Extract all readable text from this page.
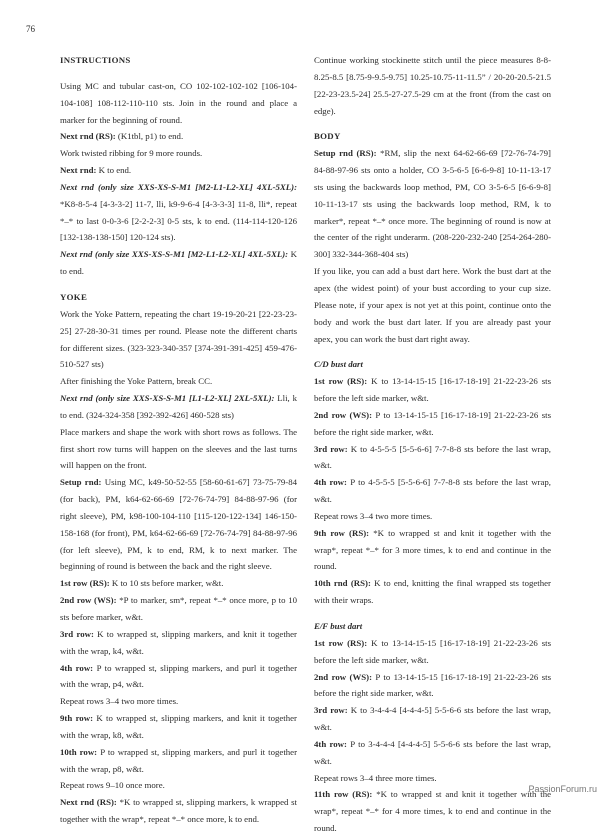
76

INSTRUCTIONS

Using MC and tubular cast-on, CO 102-102-102-102 [106-104-104-108] 108-112-110-110 sts. Join in the round and place a marker for the beginning of round.

Next rnd (RS): (K1tbl, p1) to end.

Work twisted ribbing for 9 more rounds.

Next rnd: K to end.

Next rnd (only size XXS-XS-S-M1 [M2-L1-L2-XL] 4XL-5XL): *K8-8-5-4 [4-3-3-2] 11-7, lli, k9-9-6-4 [4-3-3-3] 11-8, lli*, repeat *–* to last 0-0-3-6 [2-2-2-3] 0-5 sts, k to end. (114-114-120-126 [132-138-138-150] 120-124 sts).

Next rnd (only size XXS-XS-S-M1 [M2-L1-L2-XL] 4XL-5XL): K to end.

YOKE

Work the Yoke Pattern, repeating the chart 19-19-20-21 [22-23-23-25] 27-28-30-31 times per round. Please note the different charts for different sizes. (323-323-340-357 [374-391-391-425] 459-476-510-527 sts)

After finishing the Yoke Pattern, break CC.

Next rnd (only size XXS-XS-S-M1 [L1-L2-XL] 2XL-5XL): Lli, k to end. (324-324-358 [392-392-426] 460-528 sts)

Place markers and shape the work with short rows as follows. The first short row turns will happen on the sleeves and the last turns will happen on the front.

Setup rnd: Using MC, k49-50-52-55 [58-60-61-67] 73-75-79-84 (for back), PM, k64-62-66-69 [72-76-74-79] 84-88-97-96 (for right sleeve), PM, k98-100-104-110 [115-120-122-134] 146-150-158-168 (for front), PM, k64-62-66-69 [72-76-74-79] 84-88-97-96 (for left sleeve), PM, k to end, RM, k to next marker. The beginning of round is between the back and the right sleeve.

1st row (RS): K to 10 sts before marker, w&t.

2nd row (WS): *P to marker, sm*, repeat *–* once more, p to 10 sts before marker, w&t.

3rd row: K to wrapped st, slipping markers, and knit it together with the wrap, k4, w&t.

4th row: P to wrapped st, slipping markers, and purl it together with the wrap, p4, w&t.

Repeat rows 3–4 two more times.

9th row: K to wrapped st, slipping markers, and knit it together with the wrap, k8, w&t.

10th row: P to wrapped st, slipping markers, and purl it together with the wrap, p8, w&t.

Repeat rows 9–10 once more.

Next rnd (RS): *K to wrapped st, slipping markers, k wrapped st together with the wrap*, repeat *–* once more, k to end.

Continue working stockinette stitch until the piece measures 8-8-8.25-8.5 [8.75-9-9.5-9.75] 10.25-10.75-11-11.5” / 20-20-20.5-21.5 [22-23-23.5-24] 25.5-27-27.5-29 cm at the front (from the cast on edge).

BODY

Setup rnd (RS): *RM, slip the next 64-62-66-69 [72-76-74-79] 84-88-97-96 sts onto a holder, CO 3-5-6-5 [6-6-9-8] 10-11-13-17 sts using the backwards loop method, PM, CO 3-5-6-5 [6-6-9-8] 10-11-13-17 sts using the backwards loop method, RM, k to marker*, repeat *–* once more. The beginning of round is now at the center of the right underarm. (208-220-232-240 [254-264-280-300] 332-344-368-404 sts)

If you like, you can add a bust dart here. Work the bust dart at the apex (the widest point) of your bust according to your cup size. Please note, if your apex is not yet at this point, continue onto the body and work the bust dart later. If you are already past your apex, you can work the bust dart right away.

C/D bust dart

1st row (RS): K to 13-14-15-15 [16-17-18-19] 21-22-23-26 sts before the left side marker, w&t.

2nd row (WS): P to 13-14-15-15 [16-17-18-19] 21-22-23-26 sts before the right side marker, w&t.

3rd row: K to 4-5-5-5 [5-5-6-6] 7-7-8-8 sts before the last wrap, w&t.

4th row: P to 4-5-5-5 [5-5-6-6] 7-7-8-8 sts before the last wrap, w&t.

Repeat rows 3–4 two more times.

9th row (RS): *K to wrapped st and knit it together with the wrap*, repeat *–* for 3 more times, k to end and continue in the round.

10th rnd (RS): K to end, knitting the final wrapped sts together with their wraps.

E/F bust dart

1st row (RS): K to 13-14-15-15 [16-17-18-19] 21-22-23-26 sts before the left side marker, w&t.

2nd row (WS): P to 13-14-15-15 [16-17-18-19] 21-22-23-26 sts before the right side marker, w&t.

3rd row: K to 3-4-4-4 [4-4-4-5] 5-5-6-6 sts before the last wrap, w&t.

4th row: P to 3-4-4-4 [4-4-4-5] 5-5-6-6 sts before the last wrap, w&t.

Repeat rows 3–4 three more times.

11th row (RS): *K to wrapped st and knit it together with the wrap*, repeat *–* for 4 more times, k to end and continue in the round.

PassionForum.ru
